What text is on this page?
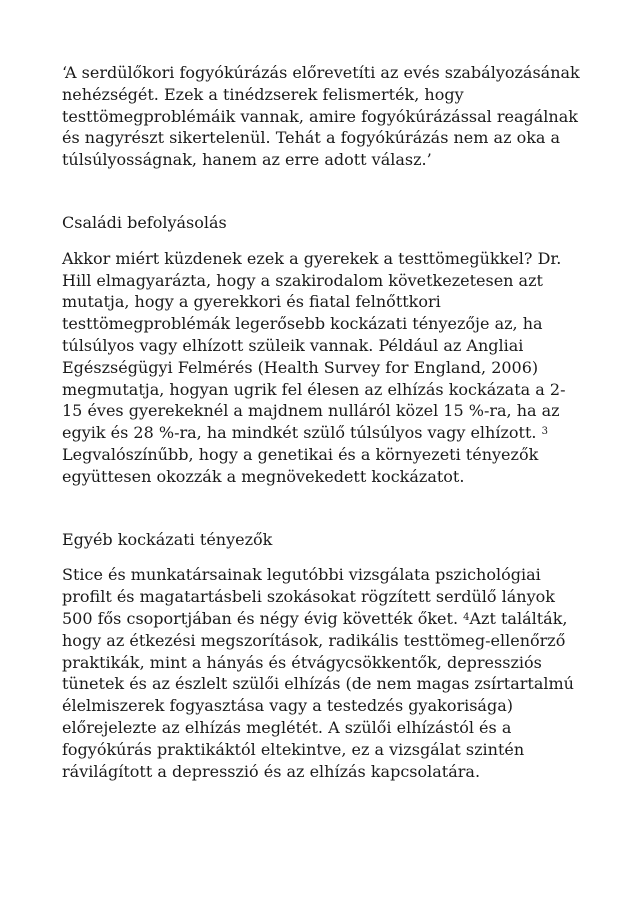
‘A serdülőkori fogyókúrázás előrevetíti az evés szabályozásának nehézségét. Ezek a tinédzserek felismerték, hogy testtömegproblémáik vannak, amire fogyókúrázással reagálnak és nagyrészt sikertelenül. Tehát a fogyókúrázás nem az oka a túlsúlyosságnak, hanem az erre adott válasz.’

Családi befolyásolás

Akkor miért küzdenek ezek a gyerekek a testtömegükkel? Dr. Hill elmagyarázta, hogy a szakirodalom következetesen azt mutatja, hogy a gyerekkori és fiatal felnőttkori testtömegproblémák legerősebb kockázati tényezője az, ha túlsúlyos vagy elhízott szüleik vannak. Például az Angliai Egészségügyi Felmérés (Health Survey for England, 2006) megmutatja, hogyan ugrik fel élesen az elhízás kockázata a 2-15 éves gyerekeknél a majdnem nulláról közel 15 %-ra, ha az egyik és 28 %-ra, ha mindkét szülő túlsúlyos vagy elhízott. $^3$ Legvalószínűbb, hogy a genetikai és a környezeti tényezők együttesen okozzák a megnövekedett kockázatot.

Egyéb kockázati tényezők

Stice és munkatársainak legutóbbi vizsgálata pszichológiai profilt és magatartásbeli szokásokat rögzített serdülő lányok 500 fős csoportjában és négy évig követték őket. $^4$Azt találták, hogy az étkezési megszorítások, radikális testtömeg-ellenőrző praktikák, mint a hányás és étvágycsökkentők, depressziós tünetek és az észlelt szülői elhízás (de nem magas zsírtartalmú élelmiszerek fogyasztása vagy a testedzés gyakorisága) előrejelezte az elhízás meglétét. A szülői elhízástól és a fogyókúrás praktikáktól eltekintve, ez a vizsgálat szintén rávilágított a depresszió és az elhízás kapcsolatára.
